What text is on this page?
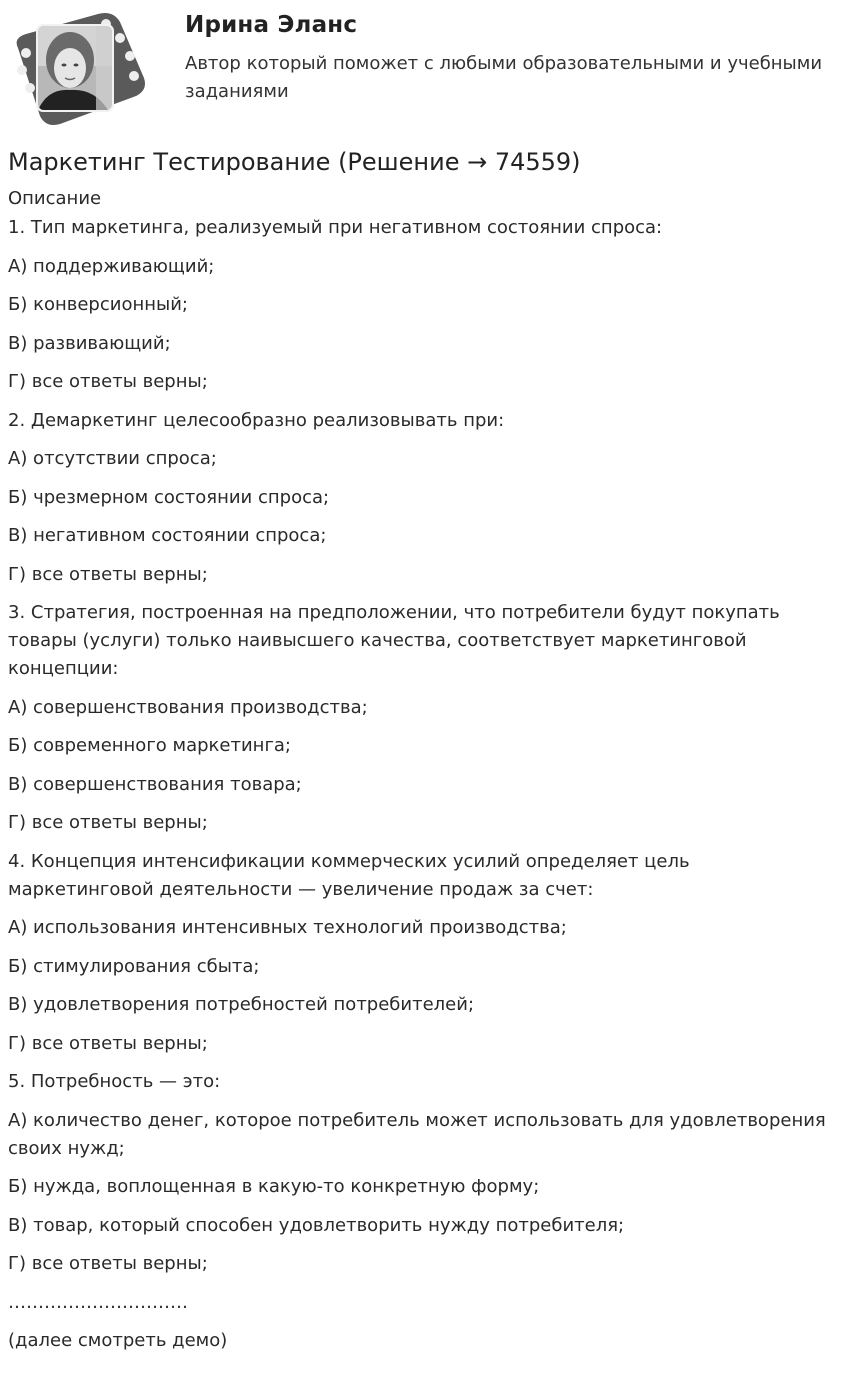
Ирина Эланс
Автор который поможет с любыми образовательными и учебными заданиями
Маркетинг Тестирование (Решение → 74559)
Описание

1. Тип маркетинга, реализуемый при негативном состоянии спроса:

А) поддерживающий;

Б) конверсионный;

В) развивающий;

Г) все ответы верны;

2. Демаркетинг целесообразно реализовывать при:

А) отсутствии спроса;

Б) чрезмерном состоянии спроса;

В) негативном состоянии спроса;

Г) все ответы верны;

3. Стратегия, построенная на предположении, что потребители будут покупать товары (услуги) только наивысшего качества, соответствует маркетинговой концепции:

А) совершенствования производства;

Б) современного маркетинга;

В) совершенствования товара;

Г) все ответы верны;

4. Концепция интенсификации коммерческих усилий определяет цель маркетинговой деятельности — увеличение продаж за счет:

А) использования интенсивных технологий производства;

Б) стимулирования сбыта;

В) удовлетворения потребностей потребителей;

Г) все ответы верны;

5. Потребность — это:

А) количество денег, которое потребитель может использовать для удовлетворения своих нужд;

Б) нужда, воплощенная в какую-то конкретную форму;

В) товар, который способен удовлетворить нужду потребителя;

Г) все ответы верны;

…………………………

(далее смотреть демо)
